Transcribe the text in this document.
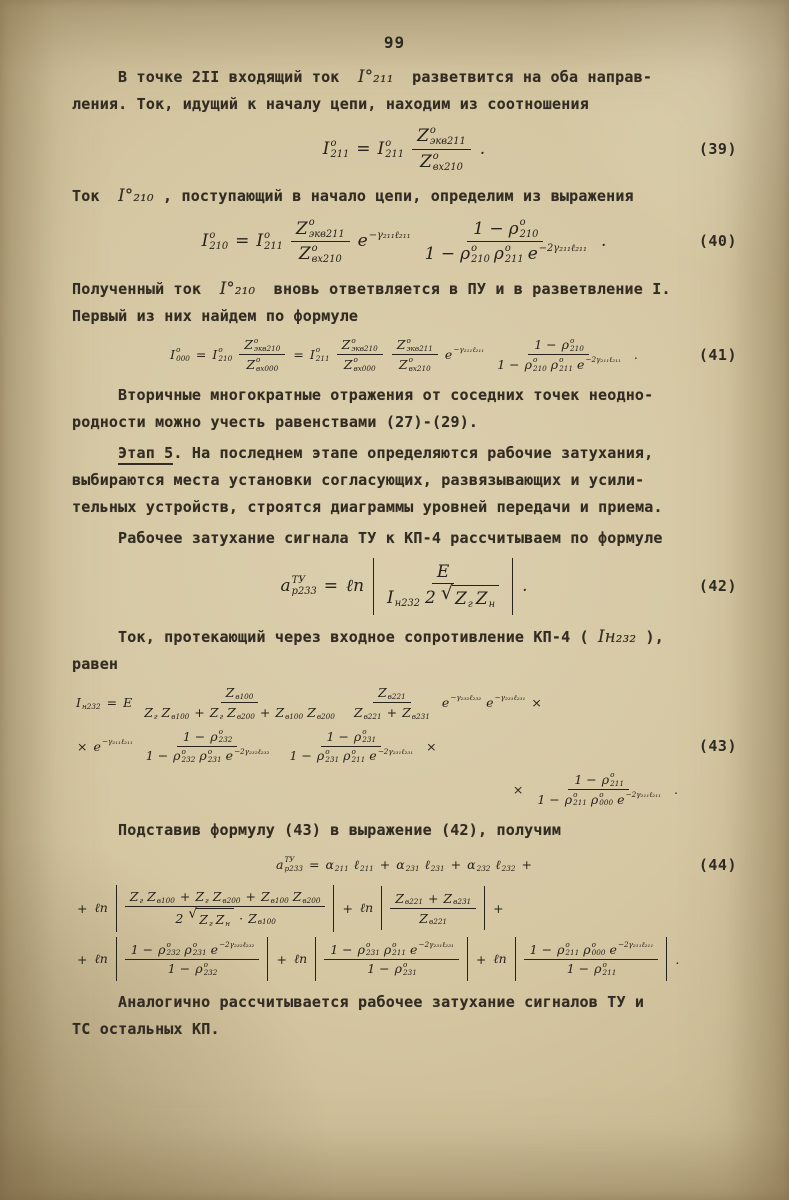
99
В точке 2II входящий ток  I°₂₁₁  разветвится на оба направ-
ления. Ток, идущий к началу цепи, находим из соотношения
I o
211 = I o
211 Z o
экв211
Z o
вх210 .	(39)
Ток  I°₂₁₀ , поступающий в начало цепи, определим из выражения
I o
210 = I o
211 Z o
экв211
Z o
вх210 e −γ₂₁₁ℓ₂₁₁ 1 − ρ o
210
1 − ρ o
210 ρ o
211 e −2γ₂₁₁ℓ₂₁₁ .	(40)
Полученный ток  I°₂₁₀  вновь ответвляется в ПУ и в разветвление I.
Первый из них найдем по формуле
I o
000 = I o
210 Z o
экв210
Z o
вх000 = I o
211 Z o
экв210
Z o
вх000 Z o
экв211
Z o
вх210 e −γ₂₁₁ℓ₂₁₁ 1 − ρ o
210
1 − ρ o
210 ρ o
211 e −2γ₂₁₁ℓ₂₁₁ .	(41)
Вторичные многократные отражения от соседних точек неодно-
родности можно учесть равенствами (27)-(29).
Этап 5. На последнем этапе определяются рабочие затухания,
выбираются места установки согласующих, развязывающих и усили-
тельных устройств, строятся диаграммы уровней передачи и приема.
Рабочее затухание сигнала ТУ к КП-4 рассчитываем по формуле
a ТУ
р233 = ℓn $\frac{E}{\text{I н232 2 √ Z г Z н}}$ .	(42)
Ток, протекающий через входное сопротивление КП-4 ( Iн₂₃₂ ),
равен
I н232 = E $\frac{\text{Z в100}}{\text{Z г Z в100 + Z г Z в200 + Z в100 Z в200}} \frac{\text{Z в221}}{\text{Z в221 + Z в231}}$ e −γ₂₃₂ℓ₂₃₂ e −γ₂₃₁ℓ₂₃₁ ×
× e −γ₂₁₁ℓ₂₁₁ 1 − ρ o
232
1 − ρ o
232 ρ o
231 e −2γ₂₃₂ℓ₂₃₂ 1 − ρ o
231
1 − ρ o
231 ρ o
211 e −2γ₂₃₁ℓ₂₃₁ ×	(43)
× 1 − ρ o
211
1 − ρ o
211 ρ o
000 e −2γ₂₁₁ℓ₂₁₁ .
Подставив формулу (43) в выражение (42), получим
a ТУ
р233 = α 211 ℓ 211 + α 231 ℓ 231 + α 232 ℓ 232 +	(44)
+ ℓn $\frac{\text{Z г Z в100 + Z г Z в200 + Z в100 Z в200}}{\text{2 √ Z г Z н · Z в100}}$ + ℓn $\frac{\text{Z в221 + Z в231}}{\text{Z в221}}$ +
+ ℓn 1 − ρ o
232 ρ o
231 e −2γ₂₃₂ℓ₂₃₂
1 − ρ o
232 + ℓn 1 − ρ o
231 ρ o
211 e −2γ₂₃₁ℓ₂₃₁
1 − ρ o
231 + ℓn 1 − ρ o
211 ρ o
000 e −2γ₂₁₁ℓ₂₁₁
1 − ρ o
211 .
Аналогично рассчитывается рабочее затухание сигналов ТУ и
ТС остальных КП.
